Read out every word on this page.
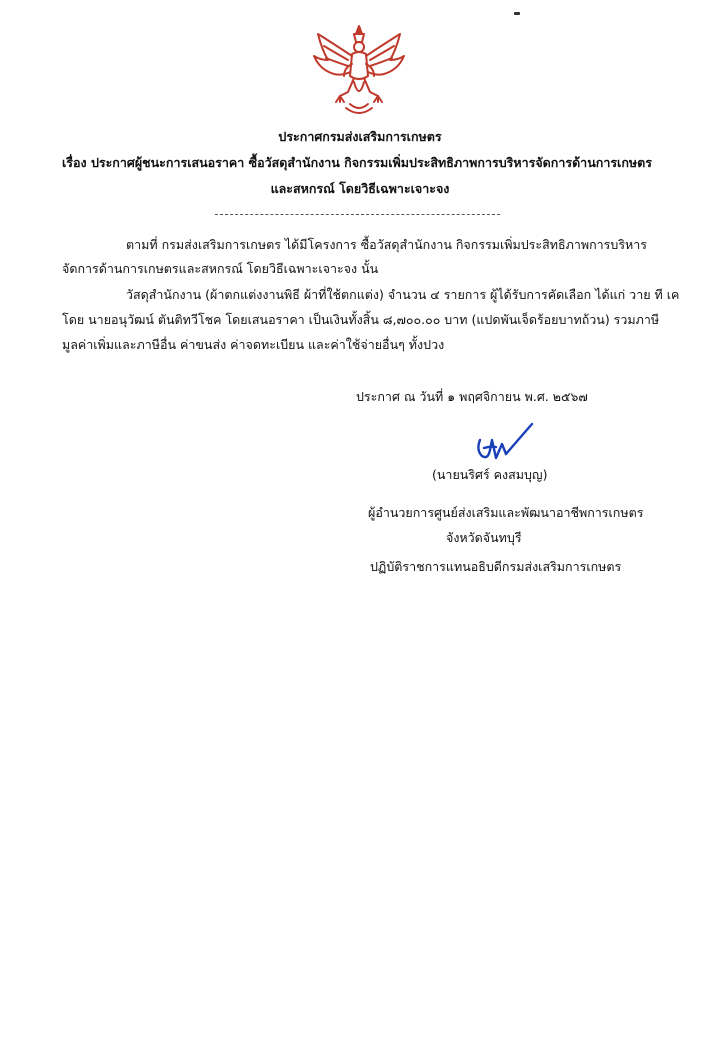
ประกาศกรมส่งเสริมการเกษตร
เรื่อง ประกาศผู้ชนะการเสนอราคา ซื้อวัสดุสำนักงาน กิจกรรมเพิ่มประสิทธิภาพการบริหารจัดการด้านการเกษตร
และสหกรณ์ โดยวิธีเฉพาะเจาะจง
ตามที่ กรมส่งเสริมการเกษตร ได้มีโครงการ ซื้อวัสดุสำนักงาน กิจกรรมเพิ่มประสิทธิภาพการบริหาร
จัดการด้านการเกษตรและสหกรณ์ โดยวิธีเฉพาะเจาะจง นั้น
วัสดุสำนักงาน (ผ้าตกแต่งงานพิธี ผ้าที่ใช้ตกแต่ง) จำนวน ๔ รายการ ผู้ได้รับการคัดเลือก ได้แก่ วาย ที เค
โดย นายอนุวัฒน์ ตันติทวีโชค โดยเสนอราคา เป็นเงินทั้งสิ้น ๘,๗๐๐.๐๐ บาท (แปดพันเจ็ดร้อยบาทถ้วน) รวมภาษี
มูลค่าเพิ่มและภาษีอื่น ค่าขนส่ง ค่าจดทะเบียน และค่าใช้จ่ายอื่นๆ ทั้งปวง
ประกาศ ณ วันที่ ๑ พฤศจิกายน พ.ศ. ๒๕๖๗
(นายนริศร์ คงสมบุญ)
ผู้อำนวยการศูนย์ส่งเสริมและพัฒนาอาชีพการเกษตร
จังหวัดจันทบุรี
ปฏิบัติราชการแทนอธิบดีกรมส่งเสริมการเกษตร
